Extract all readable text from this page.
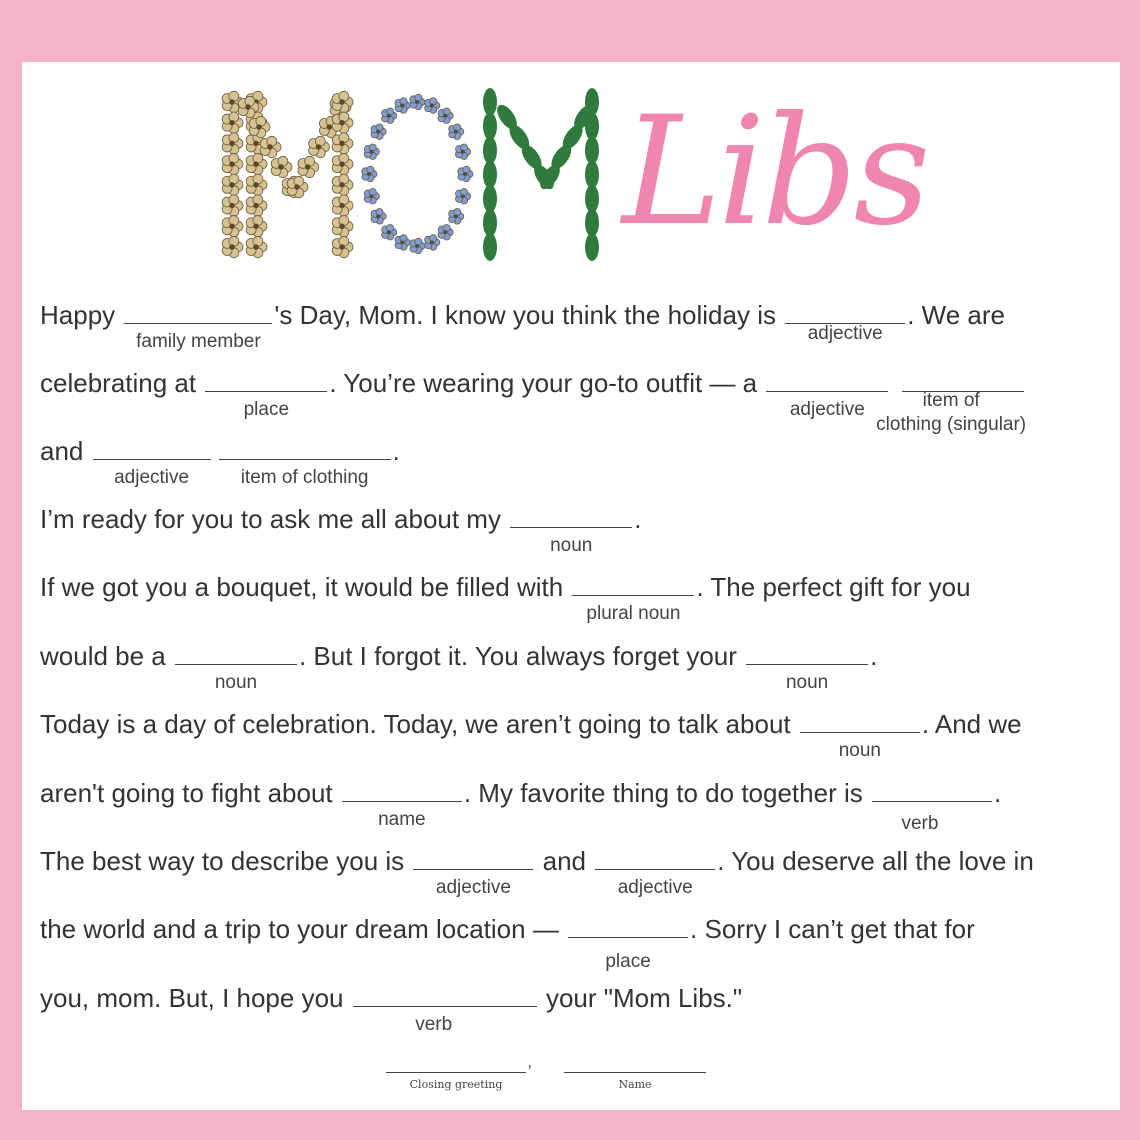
Libs
Happy
family member
's Day, Mom. I know you think the holiday is
adjective
. We are
celebrating at
place
. You’re wearing your go-to outfit — a
adjective	item of
clothing (singular)
and
adjective	item of clothing
.
I’m ready for you to ask me all about my
noun
.
If we got you a bouquet, it would be filled with
plural noun
. The perfect gift for you
would be a
noun
. But I forgot it. You always forget your
noun
.
Today is a day of celebration. Today, we aren’t going to talk about
noun
. And we
aren't going to fight about
name
. My favorite thing to do together is
verb
.
The best way to describe you is
adjective
and
adjective
. You deserve all the love in
the world and a trip to your dream location —
place
. Sorry I can’t get that for
you, mom. But, I hope you
verb
your "Mom Libs."
,
Closing greeting	Name
